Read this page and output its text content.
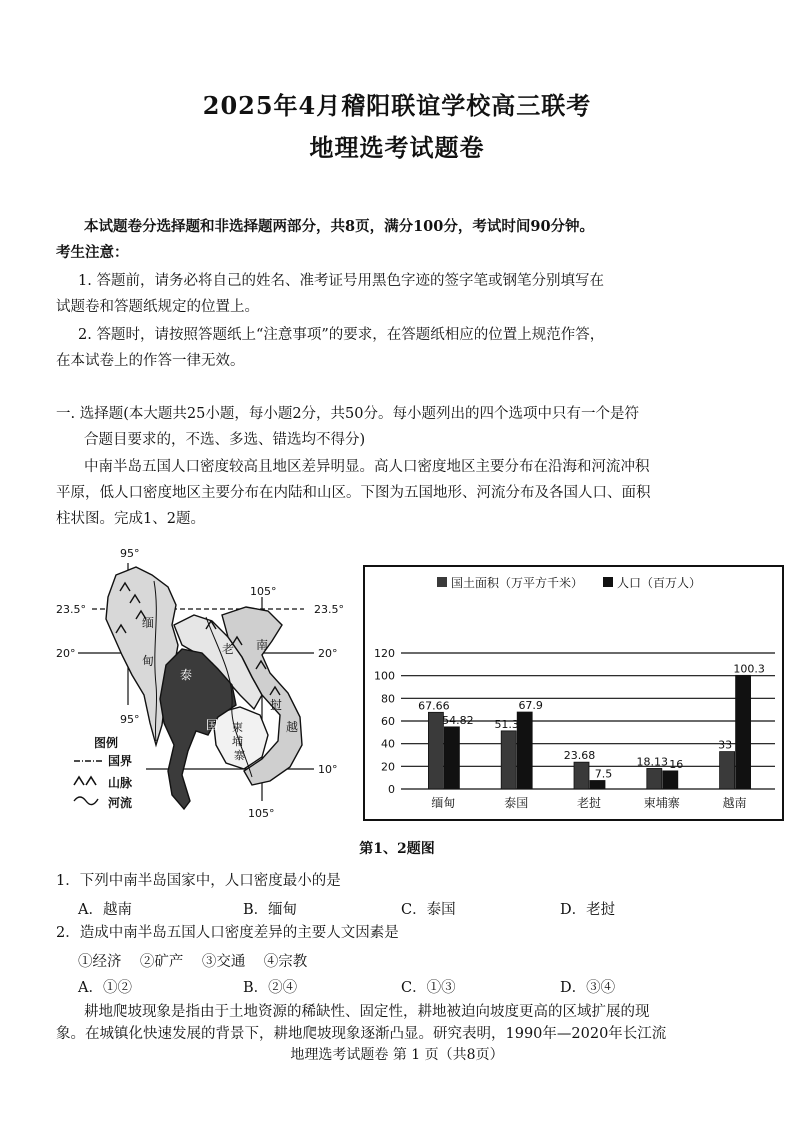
2025年4月稽阳联谊学校高三联考
地理选考试题卷
本试题卷分选择题和非选择题两部分，共8页，满分100分，考试时间90分钟。
考生注意：
1. 答题前，请务必将自己的姓名、准考证号用黑色字迹的签字笔或钢笔分别填写在
试题卷和答题纸规定的位置上。
2. 答题时，请按照答题纸上“注意事项”的要求，在答题纸相应的位置上规范作答，
在本试卷上的作答一律无效。
一. 选择题(本大题共25小题，每小题2分，共50分。每小题列出的四个选项中只有一个是符
合题目要求的，不选、多选、错选均不得分)
中南半岛五国人口密度较高且地区差异明显。高人口密度地区主要分布在沿海和河流冲积
平原，低人口密度地区主要分布在内陆和山区。下图为五国地形、河流分布及各国人口、面积
柱状图。完成1、2题。
95°
95°
105°
105°
23.5°	23.5°
20°	20°
10°
缅
甸
泰
国
老
挝
柬
埔
寨
越
南
图例
国界
山脉
河流
国土面积（万平方千米）	人口（百万人）
0
20
40
60
80
100
120
67.66
54.82
缅甸
51.3
67.9
泰国
23.68
7.5
老挝
18.13 16
柬埔寨
33
100.3
越南
第1、2题图
1．下列中南半岛国家中，人口密度最小的是
A．越南	B．缅甸	C．泰国	D．老挝
2．造成中南半岛五国人口密度差异的主要人文因素是
①经济    ②矿产    ③交通    ④宗教
A．①②	B．②④	C．①③	D．③④
耕地爬坡现象是指由于土地资源的稀缺性、固定性，耕地被迫向坡度更高的区域扩展的现
象。在城镇化快速发展的背景下，耕地爬坡现象逐渐凸显。研究表明，1990年—2020年长江流
地理选考试题卷 第 1 页（共8页）
